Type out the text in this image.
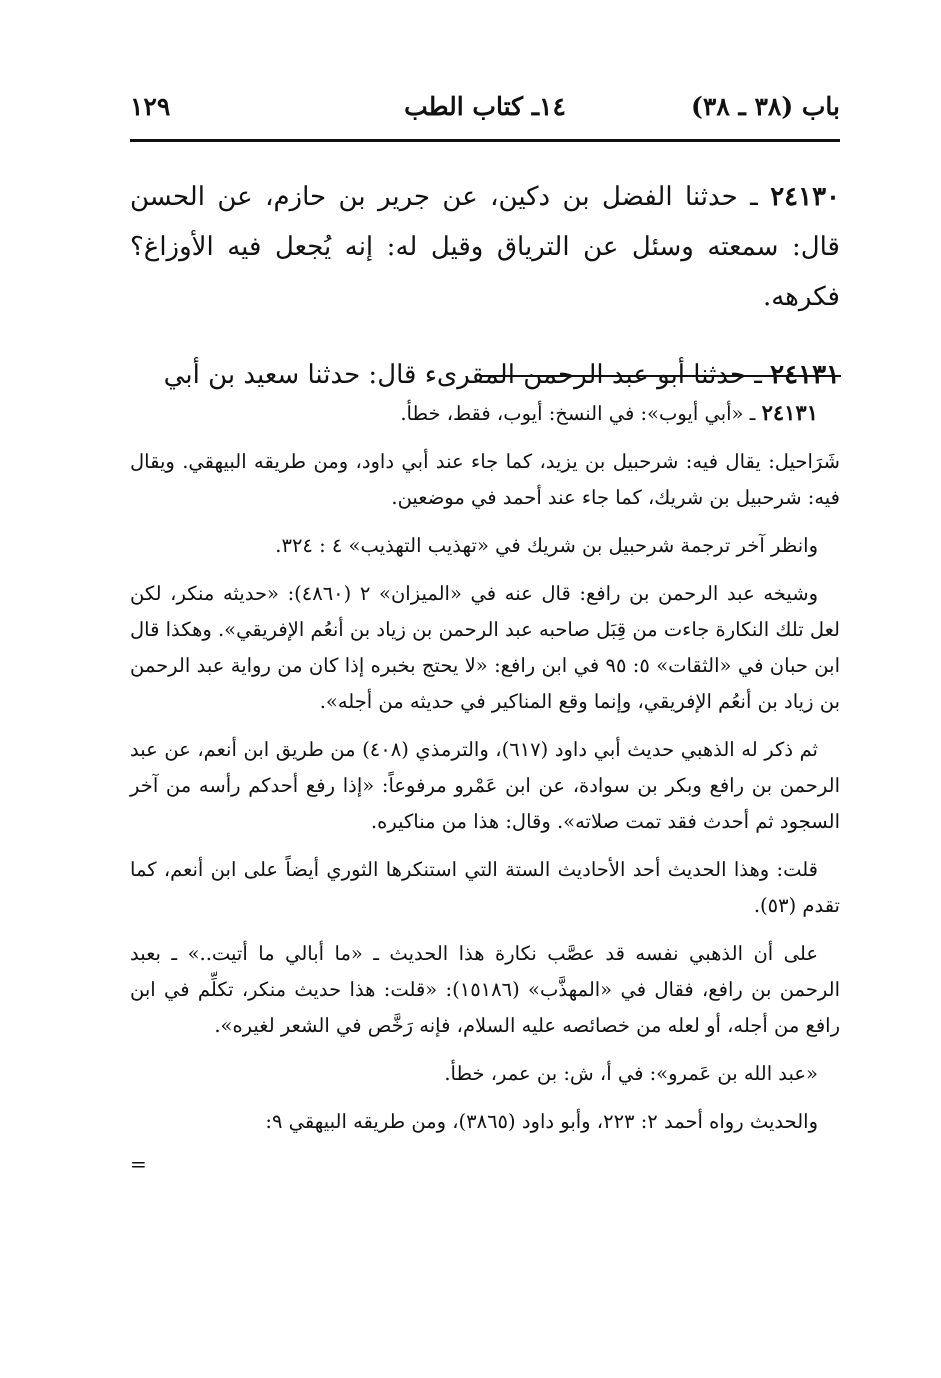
باب (٣٨ ـ ٣٨)
١٤ـ كتاب الطب
١٢٩

٢٤١٣٠ ـ حدثنا الفضل بن دكين، عن جرير بن حازم، عن الحسن قال: سمعته وسئل عن الترياق وقيل له: إنه يُجعل فيه الأوزاغ؟ فكرهه.

٢٤١٣١ ـ حدثنا أبو عبد الرحمن المقرىء قال: حدثنا سعيد بن أبي

٢٤١٣١ ـ «أبي أيوب»: في النسخ: أيوب، فقط، خطأ.

شَرَاحيل: يقال فيه: شرحبيل بن يزيد، كما جاء عند أبي داود، ومن طريقه البيهقي. ويقال فيه: شرحبيل بن شريك، كما جاء عند أحمد في موضعين.

وانظر آخر ترجمة شرحبيل بن شريك في «تهذيب التهذيب» ٤ : ٣٢٤.

وشيخه عبد الرحمن بن رافع: قال عنه في «الميزان» ٢ (٤٨٦٠): «حديثه منكر، لكن لعل تلك النكارة جاءت من قِبَل صاحبه عبد الرحمن بن زياد بن أنعُم الإفريقي». وهكذا قال ابن حبان في «الثقات» ٥: ٩٥ في ابن رافع: «لا يحتج بخبره إذا كان من رواية عبد الرحمن بن زياد بن أنعُم الإفريقي، وإنما وقع المناكير في حديثه من أجله».

ثم ذكر له الذهبي حديث أبي داود (٦١٧)، والترمذي (٤٠٨) من طريق ابن أنعم، عن عبد الرحمن بن رافع وبكر بن سوادة، عن ابن عَمْرو مرفوعاً: «إذا رفع أحدكم رأسه من آخر السجود ثم أحدث فقد تمت صلاته». وقال: هذا من مناكيره.

قلت: وهذا الحديث أحد الأحاديث الستة التي استنكرها الثوري أيضاً على ابن أنعم، كما تقدم (٥٣).

على أن الذهبي نفسه قد عصَّب نكارة هذا الحديث ـ «ما أبالي ما أتيت..» ـ بعبد الرحمن بن رافع، فقال في «المهذَّب» (١٥١٨٦): «قلت: هذا حديث منكر، تكلِّم في ابن رافع من أجله، أو لعله من خصائصه عليه السلام، فإنه رَخَّص في الشعر لغيره».

«عبد الله بن عَمرو»: في أ، ش: بن عمر، خطأ.

والحديث رواه أحمد ٢: ٢٢٣، وأبو داود (٣٨٦٥)، ومن طريقه البيهقي ٩:

=
